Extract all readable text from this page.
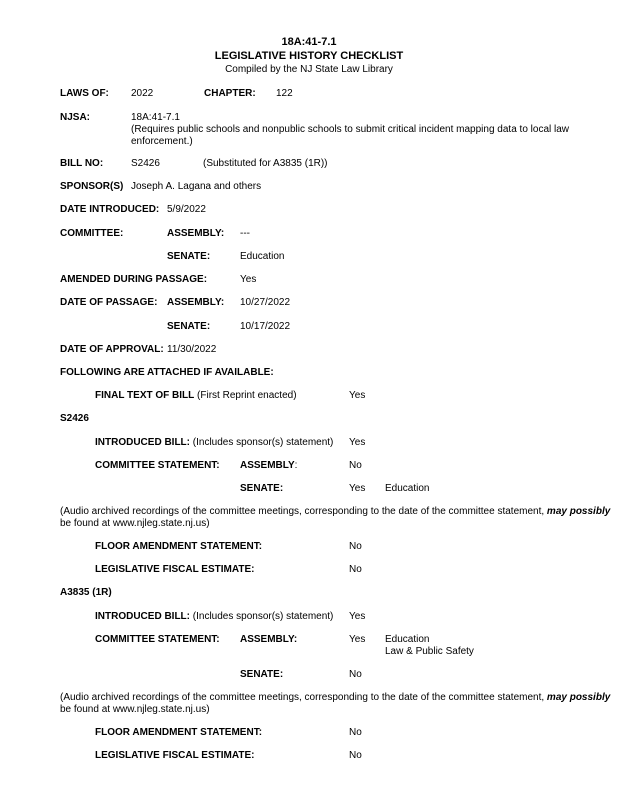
18A:41-7.1
LEGISLATIVE HISTORY CHECKLIST
Compiled by the NJ State Law Library
LAWS OF: 2022	CHAPTER: 122
NJSA:	18A:41-7.1
(Requires public schools and nonpublic schools to submit critical incident mapping data to local law
enforcement.)
BILL NO:	S2426	(Substituted for A3835 (1R))
SPONSOR(S) Joseph A. Lagana and others
DATE INTRODUCED: 5/9/2022
COMMITTEE:	ASSEMBLY: ---
SENATE:	Education
AMENDED DURING PASSAGE:	Yes
DATE OF PASSAGE: ASSEMBLY: 10/27/2022
SENATE:	10/17/2022
DATE OF APPROVAL: 11/30/2022
FOLLOWING ARE ATTACHED IF AVAILABLE:
FINAL TEXT OF BILL (First Reprint enacted)	Yes
S2426
INTRODUCED BILL: (Includes sponsor(s) statement) Yes
COMMITTEE STATEMENT: ASSEMBLY:	No
SENATE:	Yes Education
(Audio archived recordings of the committee meetings, corresponding to the date of the committee statement, may possibly
be found at www.njleg.state.nj.us)
FLOOR AMENDMENT STATEMENT:	No
LEGISLATIVE FISCAL ESTIMATE:	No
A3835 (1R)
INTRODUCED BILL: (Includes sponsor(s) statement) Yes
COMMITTEE STATEMENT: ASSEMBLY:	Yes Education
Law & Public Safety
SENATE:	No
(Audio archived recordings of the committee meetings, corresponding to the date of the committee statement, may possibly
be found at www.njleg.state.nj.us)
FLOOR AMENDMENT STATEMENT:	No
LEGISLATIVE FISCAL ESTIMATE:	No
